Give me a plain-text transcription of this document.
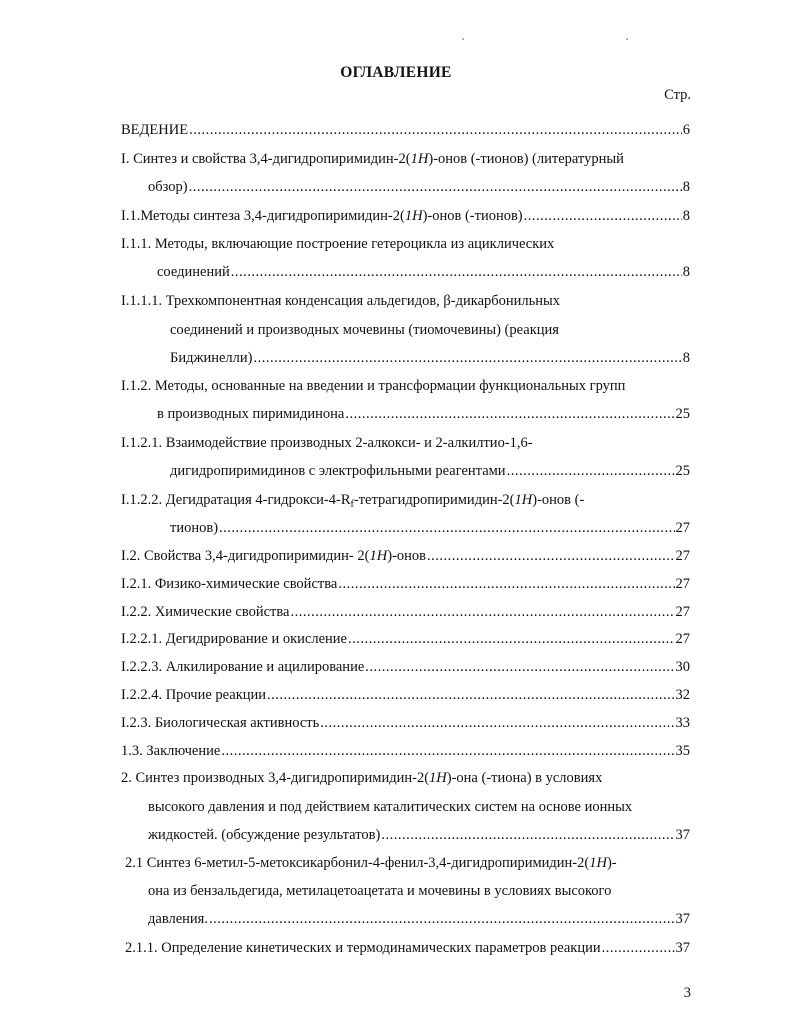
ОГЛАВЛЕНИЕ
Стр.
ВЕДЕНИЕ .....	6
I. Синтез и свойства 3,4-дигидропиримидин-2(1H)-онов (-тионов) (литературный
обзор) .....	8
I.1.Методы синтеза 3,4-дигидропиримидин-2(1H)-онов (-тионов) .....	8
I.1.1. Методы, включающие построение гетероцикла из ациклических
соединений .....	8
I.1.1.1. Трехкомпонентная конденсация альдегидов, β-дикарбонильных
соединений и производных мочевины (тиомочевины) (реакция
Биджинелли) .....	8
I.1.2. Методы, основанные на введении и трансформации функциональных групп
в производных пиримидинона .....	25
I.1.2.1. Взаимодействие производных 2-алкокси- и 2-алкилтио-1,6-
дигидропиримидинов с электрофильными реагентами .....	25
I.1.2.2. Дегидратация $4-гидрокси-4-R_f-тетрагидропиримидин-2(1H)$-онов (-
тионов) .....	27
I.2. Свойства 3,4-дигидропиримидин- 2(1H)-онов .....	27
I.2.1. Физико-химические свойства .....	27
I.2.2. Химические свойства .....	27
I.2.2.1. Дегидрирование и окисление .....	27
I.2.2.3. Алкилирование и ацилирование .....	30
I.2.2.4. Прочие реакции .....	32
I.2.3. Биологическая активность .....	33
1.3. Заключение .....	35
2. Синтез производных 3,4-дигидропиримидин-2(1H)-она (-тиона) в условиях
высокого давления и под действием каталитических систем на основе ионных
жидкостей. (обсуждение результатов) .....	37
2.1 Синтез 6-метил-5-метоксикарбонил-4-фенил-3,4-дигидропиримидин-2(1H)-
она из бензальдегида, метилацетоацетата и мочевины в условиях высокого
давления. .....	37
2.1.1. Определение кинетических и термодинамических параметров реакции .....	37
3
